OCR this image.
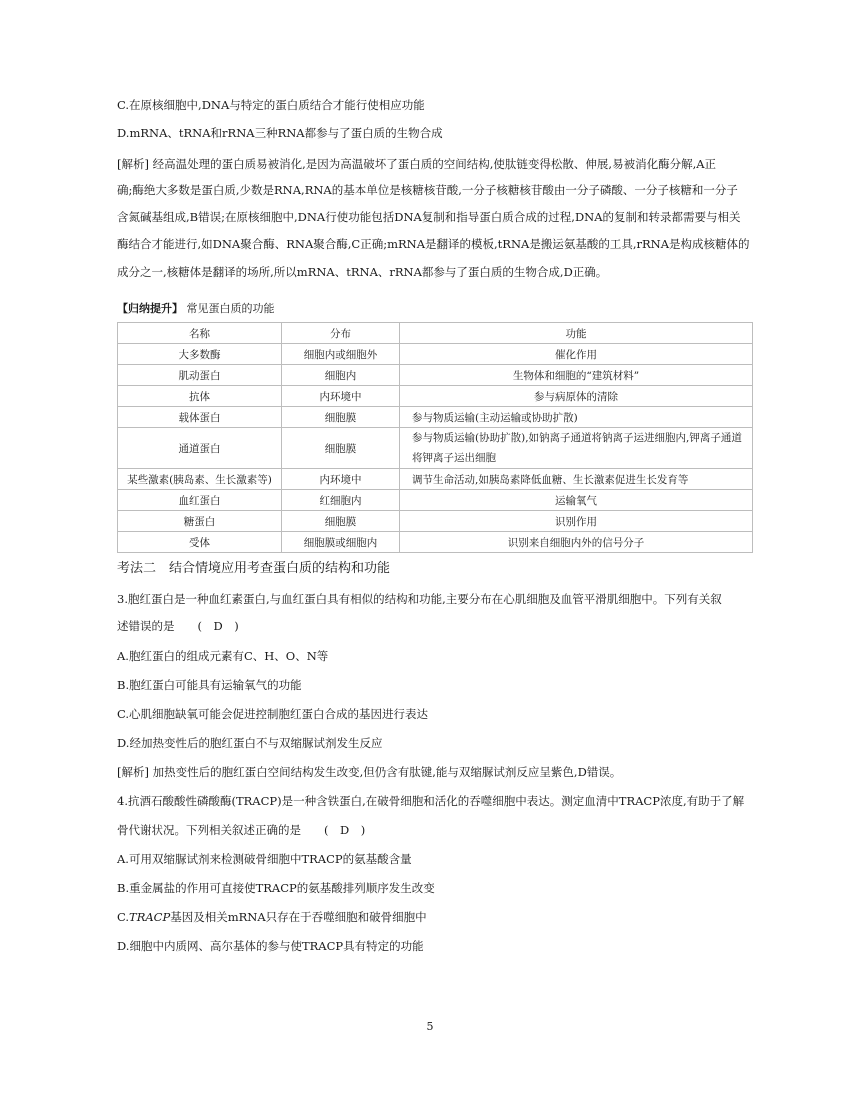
C.在原核细胞中,DNA与特定的蛋白质结合才能行使相应功能
D.mRNA、tRNA和rRNA三种RNA都参与了蛋白质的生物合成
[解析] 经高温处理的蛋白质易被消化,是因为高温破坏了蛋白质的空间结构,使肽链变得松散、伸展,易被消化酶分解,A正
确;酶绝大多数是蛋白质,少数是RNA,RNA的基本单位是核糖核苷酸,一分子核糖核苷酸由一分子磷酸、一分子核糖和一分子
含氮碱基组成,B错误;在原核细胞中,DNA行使功能包括DNA复制和指导蛋白质合成的过程,DNA的复制和转录都需要与相关
酶结合才能进行,如DNA聚合酶、RNA聚合酶,C正确;mRNA是翻译的模板,tRNA是搬运氨基酸的工具,rRNA是构成核糖体的
成分之一,核糖体是翻译的场所,所以mRNA、tRNA、rRNA都参与了蛋白质的生物合成,D正确。
【归纳提升】 常见蛋白质的功能
名称	分布	功能
大多数酶	细胞内或细胞外	催化作用
肌动蛋白	细胞内	生物体和细胞的“建筑材料”
抗体	内环境中	参与病原体的清除
载体蛋白	细胞膜	参与物质运输(主动运输或协助扩散)
通道蛋白	细胞膜	参与物质运输(协助扩散),如钠离子通道将钠离子运进细胞内,钾离子通道将钾离子运出细胞
某些激素(胰岛素、生长激素等)	内环境中	调节生命活动,如胰岛素降低血糖、生长激素促进生长发育等
血红蛋白	红细胞内	运输氧气
糖蛋白	细胞膜	识别作用
受体	细胞膜或细胞内	识别来自细胞内外的信号分子
考法二　结合情境应用考查蛋白质的结构和功能
3.胞红蛋白是一种血红素蛋白,与血红蛋白具有相似的结构和功能,主要分布在心肌细胞及血管平滑肌细胞中。下列有关叙
述错误的是　　(　D　)
A.胞红蛋白的组成元素有C、H、O、N等
B.胞红蛋白可能具有运输氧气的功能
C.心肌细胞缺氧可能会促进控制胞红蛋白合成的基因进行表达
D.经加热变性后的胞红蛋白不与双缩脲试剂发生反应
[解析] 加热变性后的胞红蛋白空间结构发生改变,但仍含有肽键,能与双缩脲试剂反应呈紫色,D错误。
4.抗酒石酸酸性磷酸酶(TRACP)是一种含铁蛋白,在破骨细胞和活化的吞噬细胞中表达。测定血清中TRACP浓度,有助于了解
骨代谢状况。下列相关叙述正确的是　　(　D　)
A.可用双缩脲试剂来检测破骨细胞中TRACP的氨基酸含量
B.重金属盐的作用可直接使TRACP的氨基酸排列顺序发生改变
C.TRACP基因及相关mRNA只存在于吞噬细胞和破骨细胞中
D.细胞中内质网、高尔基体的参与使TRACP具有特定的功能
5
